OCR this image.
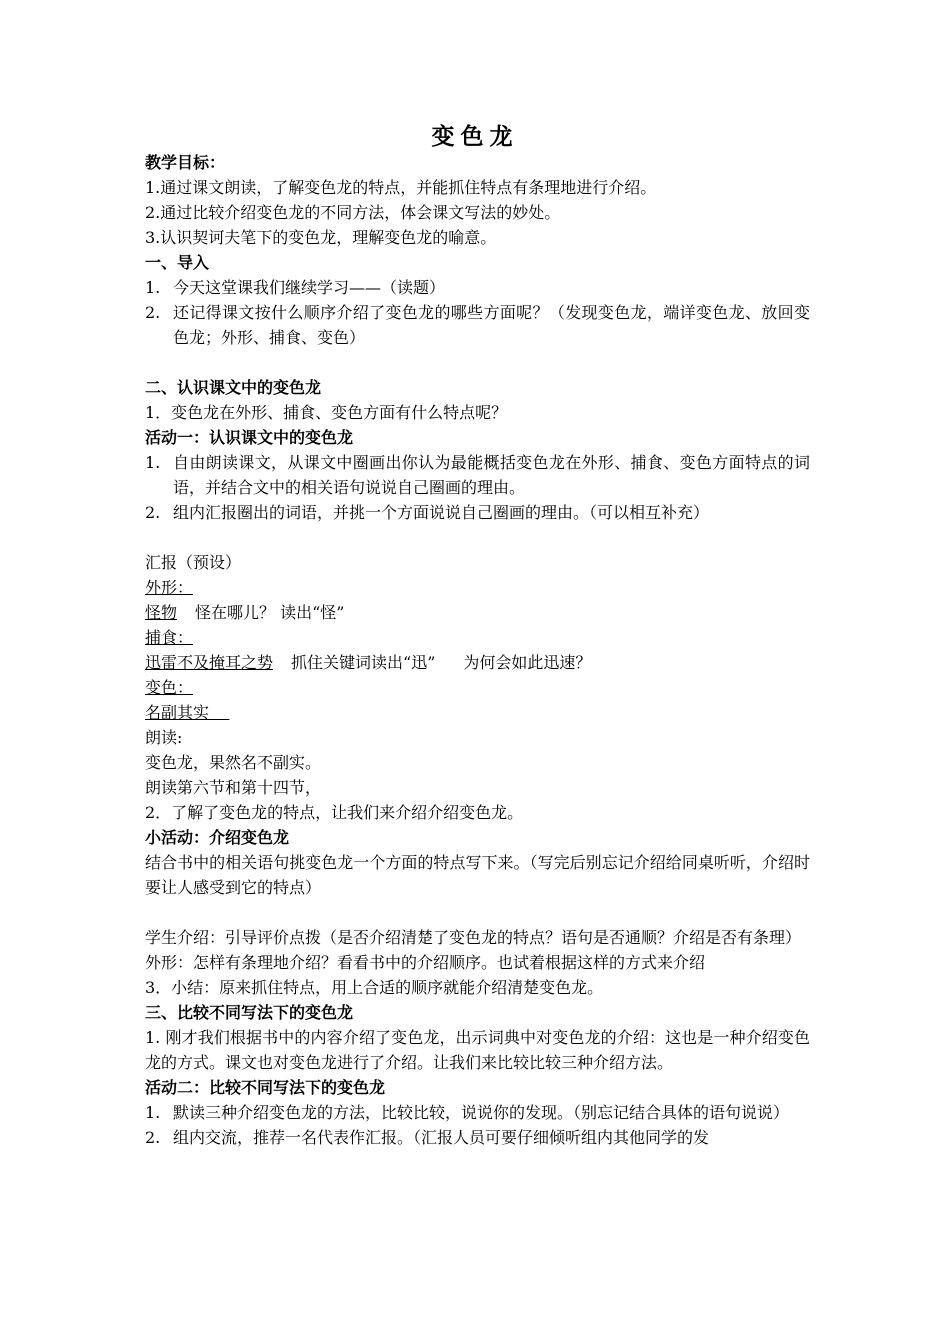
变色龙
教学目标：
1.通过课文朗读，了解变色龙的特点，并能抓住特点有条理地进行介绍。
2.通过比较介绍变色龙的不同方法，体会课文写法的妙处。
3.认识契诃夫笔下的变色龙，理解变色龙的喻意。
一、导入
1. 今天这堂课我们继续学习——（读题）
2. 还记得课文按什么顺序介绍了变色龙的哪些方面呢？（发现变色龙，端详变色龙、放回变色龙；外形、捕食、变色）
二、认识课文中的变色龙
1．变色龙在外形、捕食、变色方面有什么特点呢？
活动一：认识课文中的变色龙
1. 自由朗读课文，从课文中圈画出你认为最能概括变色龙在外形、捕食、变色方面特点的词语，并结合文中的相关语句说说自己圈画的理由。
2. 组内汇报圈出的词语，并挑一个方面说说自己圈画的理由。（可以相互补充）
汇报（预设）
外形：
怪物 怪在哪儿？ 读出“怪”
捕食：
迅雷不及掩耳之势 抓住关键词读出“迅” 为何会如此迅速？
变色：
名副其实
朗读:
变色龙，果然名不副实。
朗读第六节和第十四节，
2．了解了变色龙的特点，让我们来介绍介绍变色龙。
小活动：介绍变色龙
结合书中的相关语句挑变色龙一个方面的特点写下来。（写完后别忘记介绍给同桌听听，介绍时要让人感受到它的特点）
学生介绍：引导评价点拨（是否介绍清楚了变色龙的特点？语句是否通顺？介绍是否有条理）
外形：怎样有条理地介绍？看看书中的介绍顺序。也试着根据这样的方式来介绍
3．小结：原来抓住特点，用上合适的顺序就能介绍清楚变色龙。
三、比较不同写法下的变色龙
1. 刚才我们根据书中的内容介绍了变色龙，出示词典中对变色龙的介绍：这也是一种介绍变色龙的方式。课文也对变色龙进行了介绍。让我们来比较比较三种介绍方法。
活动二：比较不同写法下的变色龙
1. 默读三种介绍变色龙的方法，比较比较，说说你的发现。（别忘记结合具体的语句说说）
2. 组内交流，推荐一名代表作汇报。（汇报人员可要仔细倾听组内其他同学的发
